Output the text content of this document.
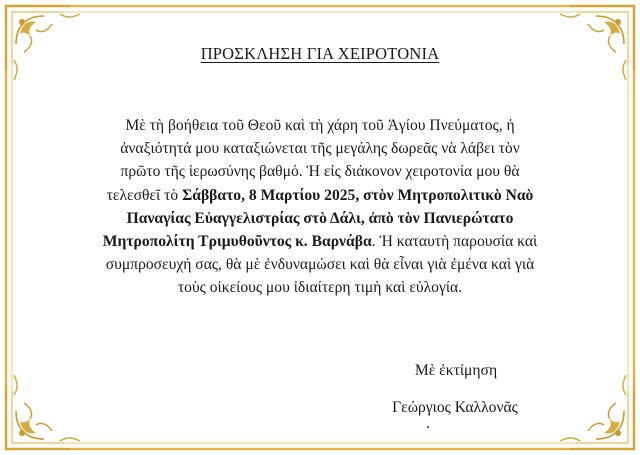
ΠΡΟΣΚΛΗΣΗ ΓΙΑ ΧΕΙΡΟΤΟΝΙΑ
Μὲ τὴ βοήθεια τοῦ Θεοῦ καὶ τὴ χάρη τοῦ Ἁγίου Πνεύματος, ἡ
ἀναξιότητά μου καταξιώνεται τῆς μεγάλης δωρεᾶς νὰ λάβει τὸν
πρῶτο τῆς ἱερωσύνης βαθμό. Ἡ εἰς διάκονον χειροτονία μου θὰ
τελεσθεῖ τὸ Σάββατο, 8 Μαρτίου 2025, στὸν Μητροπολιτικὸ Ναὸ
Παναγίας Εὐαγγελιστρίας στὸ Δάλι, ἀπὸ τὸν Πανιερώτατο
Μητροπολίτη Τριμυθοῦντος κ. Βαρνάβα. Ἡ καταυτὴ παρουσία καὶ
συμπροσευχή σας, θὰ μὲ ἐνδυναμώσει καὶ θὰ εἶναι γιὰ ἐμένα καὶ γιὰ
τοὺς οἰκείους μου ἰδιαίτερη τιμὴ καὶ εὐλογία.
Μὲ ἐκτίμηση
Γεώργιος Καλλονᾶς
